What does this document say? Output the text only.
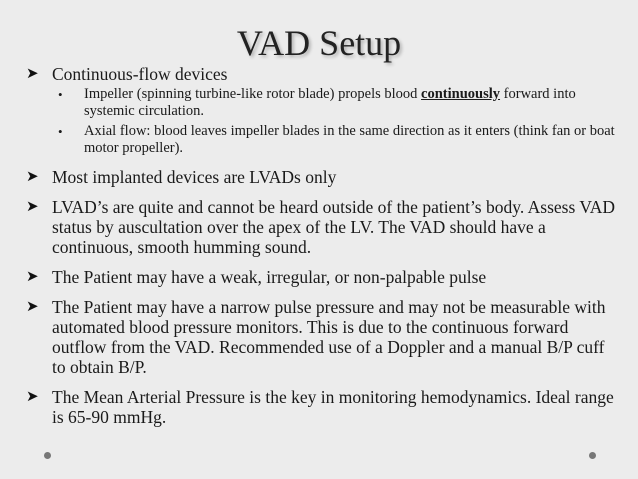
VAD Setup
➤ Continuous-flow devices
• Impeller (spinning turbine-like rotor blade) propels blood continuously forward into systemic circulation.
• Axial flow: blood leaves impeller blades in the same direction as it enters (think fan or boat motor propeller).
➤ Most implanted devices are LVADs only
➤ LVAD’s are quite and cannot be heard outside of the patient’s body. Assess VAD status by auscultation over the apex of the LV. The VAD should have a continuous, smooth humming sound.
➤ The Patient may have a weak, irregular, or non-palpable pulse
➤ The Patient may have a narrow pulse pressure and may not be measurable with automated blood pressure monitors. This is due to the continuous forward outflow from the VAD. Recommended use of a Doppler and a manual B/P cuff to obtain B/P.
➤ The Mean Arterial Pressure is the key in monitoring hemodynamics. Ideal range is 65-90 mmHg.
